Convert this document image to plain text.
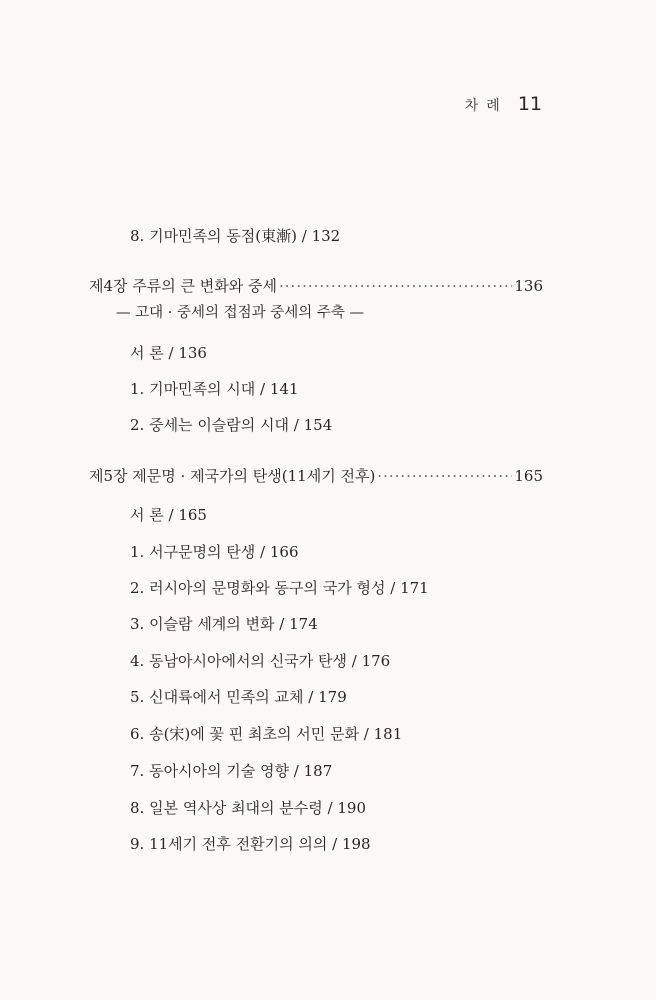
차례 11
8. 기마민족의 동점(東漸) / 132
제4장 주류의 큰 변화와 중세 ·····	136
— 고대 · 중세의 접점과 중세의 주축 —
서 론 / 136
1. 기마민족의 시대 / 141
2. 중세는 이슬람의 시대 / 154
제5장 제문명 · 제국가의 탄생(11세기 전후) ·····	165
서 론 / 165
1. 서구문명의 탄생 / 166
2. 러시아의 문명화와 동구의 국가 형성 / 171
3. 이슬람 세계의 변화 / 174
4. 동남아시아에서의 신국가 탄생 / 176
5. 신대륙에서 민족의 교체 / 179
6. 송(宋)에 꽃 핀 최초의 서민 문화 / 181
7. 동아시아의 기술 영향 / 187
8. 일본 역사상 최대의 분수령 / 190
9. 11세기 전후 전환기의 의의 / 198
